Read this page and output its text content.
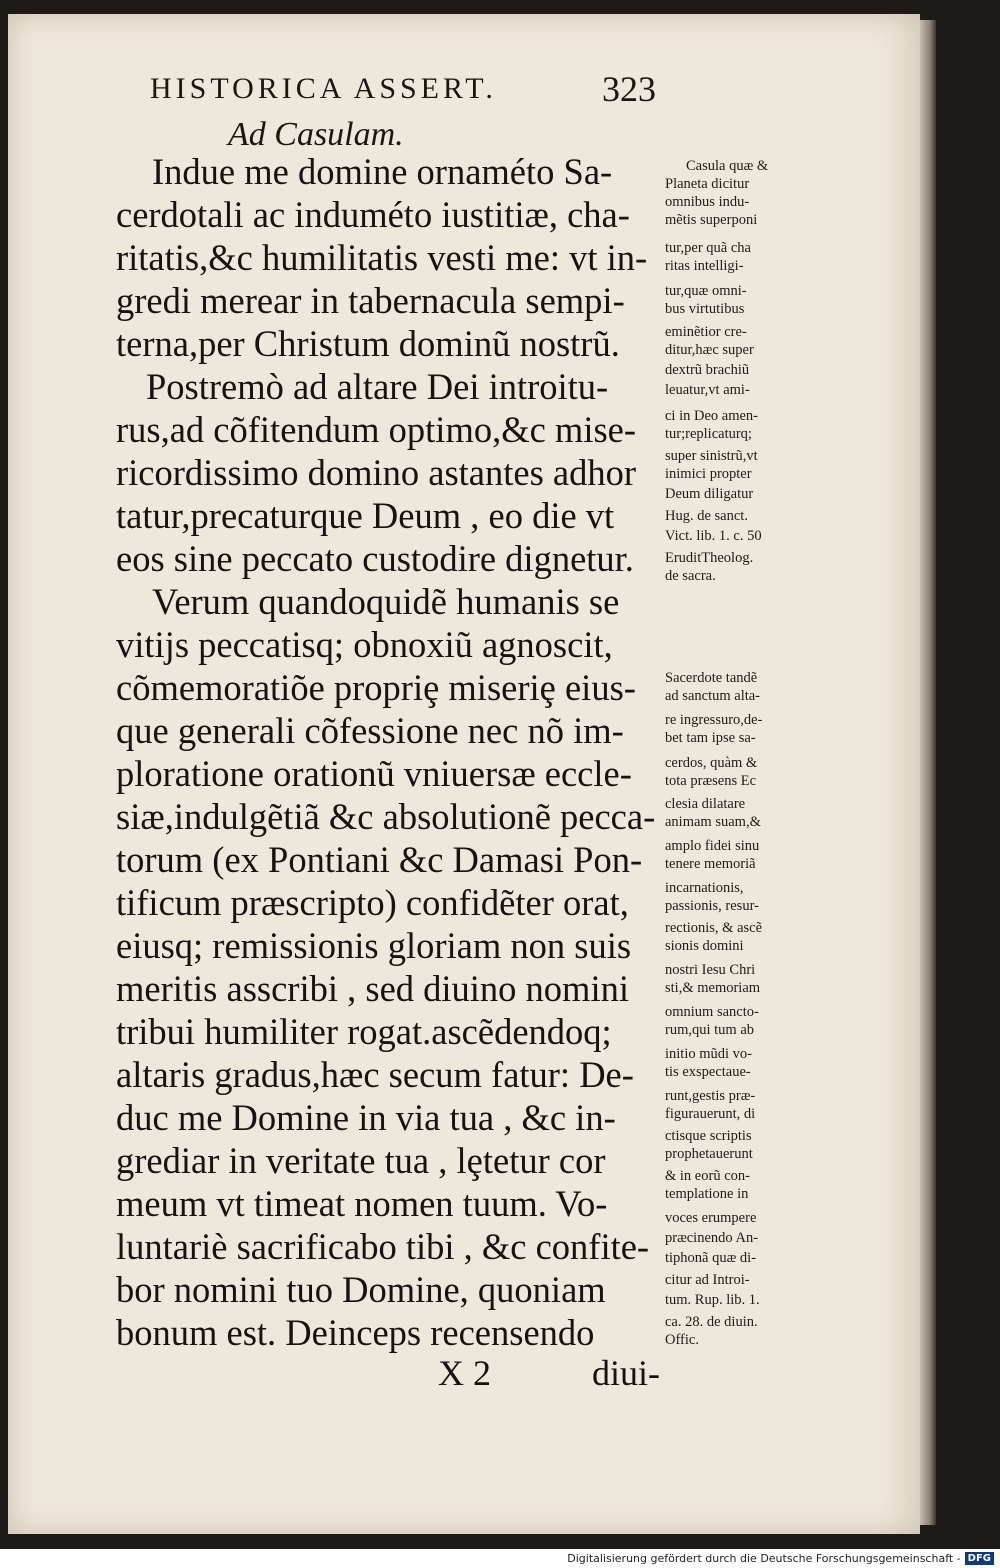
HISTORICA ASSERT.	323
Ad Casulam.
Indue me domine ornaméto Sa-
cerdotali ac induméto iustitiæ, cha-
ritatis,&c humilitatis vesti me: vt in-
gredi merear in tabernacula sempi-
terna,per Christum dominũ nostrũ.
Postremò ad altare Dei introitu-
rus,ad cõfitendum optimo,&c mise-
ricordissimo domino astantes adhor
tatur,precaturque Deum , eo die vt
eos sine peccato custodire dignetur.
Verum quandoquidẽ humanis se
vitijs peccatisq; obnoxiũ agnoscit,
cõmemoratiõe propriȩ miseriȩ eius-
que generali cõfessione nec nõ im-
ploratione orationũ vniuersæ eccle-
siæ,indulgẽtiã &c absolutionẽ pecca-
torum (ex Pontiani &c Damasi Pon-
tificum præscripto) confidẽter orat,
eiusq; remissionis gloriam non suis
meritis asscribi , sed diuino nomini
tribui humiliter rogat.ascẽdendoq;
altaris gradus,hæc secum fatur: De-
duc me Domine in via tua , &c in-
grediar in veritate tua , lȩtetur cor
meum vt timeat nomen tuum. Vo-
luntariè sacrificabo tibi , &c confite-
bor nomini tuo Domine, quoniam
bonum est. Deinceps recensendo
Casula quæ &
Planeta dicitur
omnibus indu-
mẽtis superponi
tur,per quã cha
ritas intelligi-
tur,quæ omni-
bus virtutibus
eminẽtior cre-
ditur,hæc super
dextrũ brachiũ
leuatur,vt ami-
ci in Deo amen-
tur;replicaturq;
super sinistrũ,vt
inimici propter
Deum diligatur
Hug. de sanct.
Vict. lib. 1. c. 50
EruditTheolog.
de sacra.
Sacerdote tandẽ
ad sanctum alta-
re ingressuro,de-
bet tam ipse sa-
cerdos, quàm &
tota præsens Ec
clesia dilatare
animam suam,&
amplo fidei sinu
tenere memoriã
incarnationis,
passionis, resur-
rectionis, & ascẽ
sionis domini
nostri Iesu Chri
sti,& memoriam
omnium sancto-
rum,qui tum ab
initio mũdi vo-
tis exspectaue-
runt,gestis præ-
figurauerunt, di
ctisque scriptis
prophetauerunt
& in eorũ con-
templatione in
voces erumpere
præcinendo An-
tiphonã quæ di-
citur ad Introi-
tum. Rup. lib. 1.
ca. 28. de diuin.
Offic.
X 2	diui-
Digitalisierung gefördert durch die Deutsche Forschungsgemeinschaft - DFG
